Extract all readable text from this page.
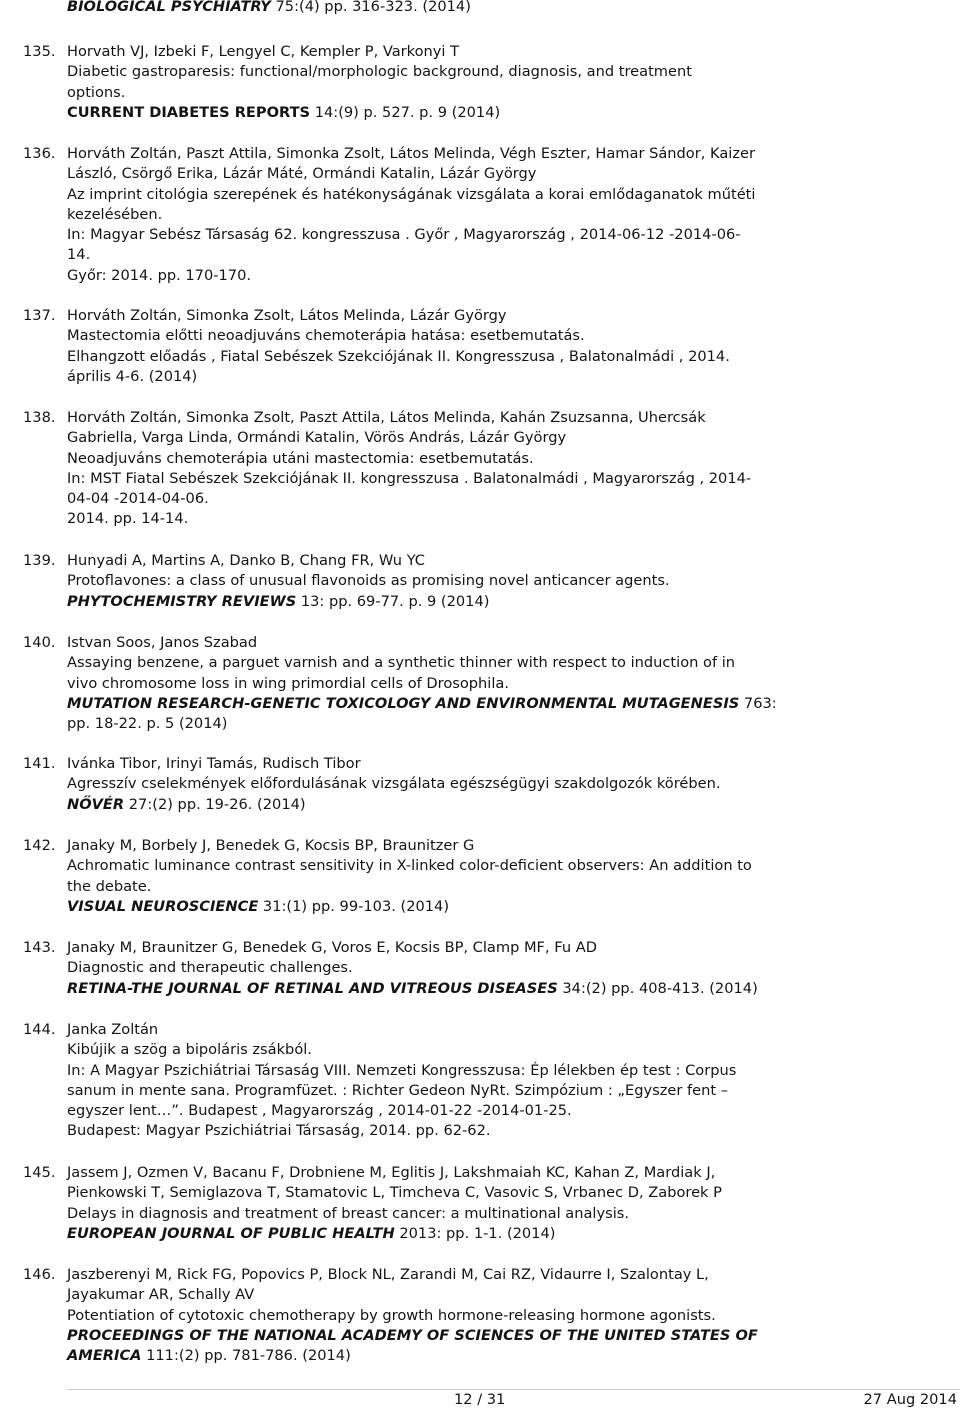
BIOLOGICAL PSYCHIATRY 75:(4) pp. 316-323. (2014)
135. Horvath VJ, Izbeki F, Lengyel C, Kempler P, Varkonyi T
Diabetic gastroparesis: functional/morphologic background, diagnosis, and treatment
options.
CURRENT DIABETES REPORTS 14:(9) p. 527. p. 9 (2014)
136. Horváth Zoltán, Paszt Attila, Simonka Zsolt, Látos Melinda, Végh Eszter, Hamar Sándor, Kaizer
László, Csörgő Erika, Lázár Máté, Ormándi Katalin, Lázár György
Az imprint citológia szerepének és hatékonyságának vizsgálata a korai emlődaganatok műtéti
kezelésében.
In: Magyar Sebész Társaság 62. kongresszusa . Győr , Magyarország , 2014-06-12 -2014-06-
14.
Győr: 2014. pp. 170-170.
137. Horváth Zoltán, Simonka Zsolt, Látos Melinda, Lázár György
Mastectomia előtti neoadjuváns chemoterápia hatása: esetbemutatás.
Elhangzott előadás , Fiatal Sebészek Szekciójának II. Kongresszusa , Balatonalmádi , 2014.
április 4-6. (2014)
138. Horváth Zoltán, Simonka Zsolt, Paszt Attila, Látos Melinda, Kahán Zsuzsanna, Uhercsák
Gabriella, Varga Linda, Ormándi Katalin, Vörös András, Lázár György
Neoadjuváns chemoterápia utáni mastectomia: esetbemutatás.
In: MST Fiatal Sebészek Szekciójának II. kongresszusa . Balatonalmádi , Magyarország , 2014-
04-04 -2014-04-06.
2014. pp. 14-14.
139. Hunyadi A, Martins A, Danko B, Chang FR, Wu YC
Protoflavones: a class of unusual flavonoids as promising novel anticancer agents.
PHYTOCHEMISTRY REVIEWS 13: pp. 69-77. p. 9 (2014)
140. Istvan Soos, Janos Szabad
Assaying benzene, a parguet varnish and a synthetic thinner with respect to induction of in
vivo chromosome loss in wing primordial cells of Drosophila.
MUTATION RESEARCH-GENETIC TOXICOLOGY AND ENVIRONMENTAL MUTAGENESIS 763:
pp. 18-22. p. 5 (2014)
141. Ivánka Tibor, Irinyi Tamás, Rudisch Tibor
Agresszív cselekmények előfordulásának vizsgálata egészségügyi szakdolgozók körében.
NŐVÉR 27:(2) pp. 19-26. (2014)
142. Janaky M, Borbely J, Benedek G, Kocsis BP, Braunitzer G
Achromatic luminance contrast sensitivity in X-linked color-deficient observers: An addition to
the debate.
VISUAL NEUROSCIENCE 31:(1) pp. 99-103. (2014)
143. Janaky M, Braunitzer G, Benedek G, Voros E, Kocsis BP, Clamp MF, Fu AD
Diagnostic and therapeutic challenges.
RETINA-THE JOURNAL OF RETINAL AND VITREOUS DISEASES 34:(2) pp. 408-413. (2014)
144. Janka Zoltán
Kibújik a szög a bipoláris zsákból.
In: A Magyar Pszichiátriai Társaság VIII. Nemzeti Kongresszusa: Ép lélekben ép test : Corpus
sanum in mente sana. Programfüzet. : Richter Gedeon NyRt. Szimpózium : „Egyszer fent –
egyszer lent…”. Budapest , Magyarország , 2014-01-22 -2014-01-25.
Budapest: Magyar Pszichiátriai Társaság, 2014. pp. 62-62.
145. Jassem J, Ozmen V, Bacanu F, Drobniene M, Eglitis J, Lakshmaiah KC, Kahan Z, Mardiak J,
Pienkowski T, Semiglazova T, Stamatovic L, Timcheva C, Vasovic S, Vrbanec D, Zaborek P
Delays in diagnosis and treatment of breast cancer: a multinational analysis.
EUROPEAN JOURNAL OF PUBLIC HEALTH 2013: pp. 1-1. (2014)
146. Jaszberenyi M, Rick FG, Popovics P, Block NL, Zarandi M, Cai RZ, Vidaurre I, Szalontay L,
Jayakumar AR, Schally AV
Potentiation of cytotoxic chemotherapy by growth hormone-releasing hormone agonists.
PROCEEDINGS OF THE NATIONAL ACADEMY OF SCIENCES OF THE UNITED STATES OF
AMERICA 111:(2) pp. 781-786. (2014)
12 / 31	27 Aug 2014
